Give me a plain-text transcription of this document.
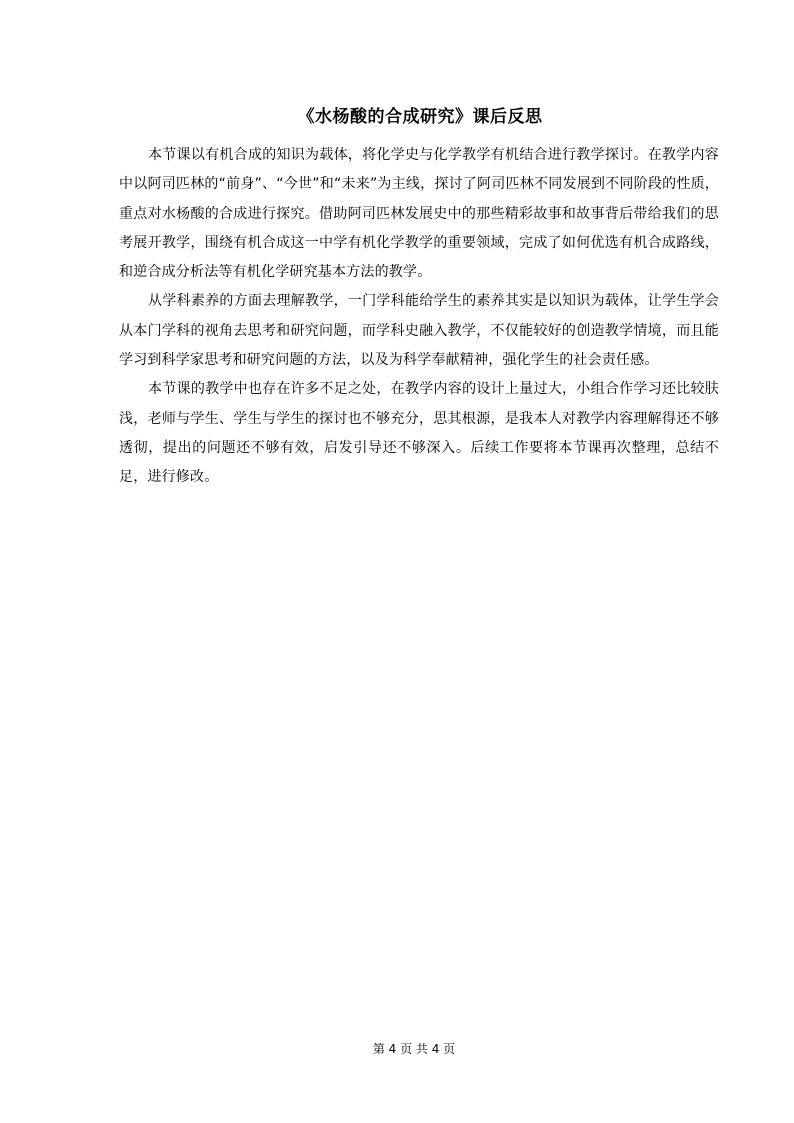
《水杨酸的合成研究》课后反思

本节课以有机合成的知识为载体，将化学史与化学教学有机结合进行教学探讨。在教学内容中以阿司匹林的“前身”、“今世”和“未来”为主线，探讨了阿司匹林不同发展到不同阶段的性质，重点对水杨酸的合成进行探究。借助阿司匹林发展史中的那些精彩故事和故事背后带给我们的思考展开教学，围绕有机合成这一中学有机化学教学的重要领域，完成了如何优选有机合成路线，和逆合成分析法等有机化学研究基本方法的教学。

从学科素养的方面去理解教学，一门学科能给学生的素养其实是以知识为载体，让学生学会从本门学科的视角去思考和研究问题，而学科史融入教学，不仅能较好的创造教学情境，而且能学习到科学家思考和研究问题的方法，以及为科学奉献精神，强化学生的社会责任感。

本节课的教学中也存在许多不足之处，在教学内容的设计上量过大，小组合作学习还比较肤浅，老师与学生、学生与学生的探讨也不够充分，思其根源，是我本人对教学内容理解得还不够透彻，提出的问题还不够有效，启发引导还不够深入。后续工作要将本节课再次整理，总结不足，进行修改。

第 4 页 共 4 页
